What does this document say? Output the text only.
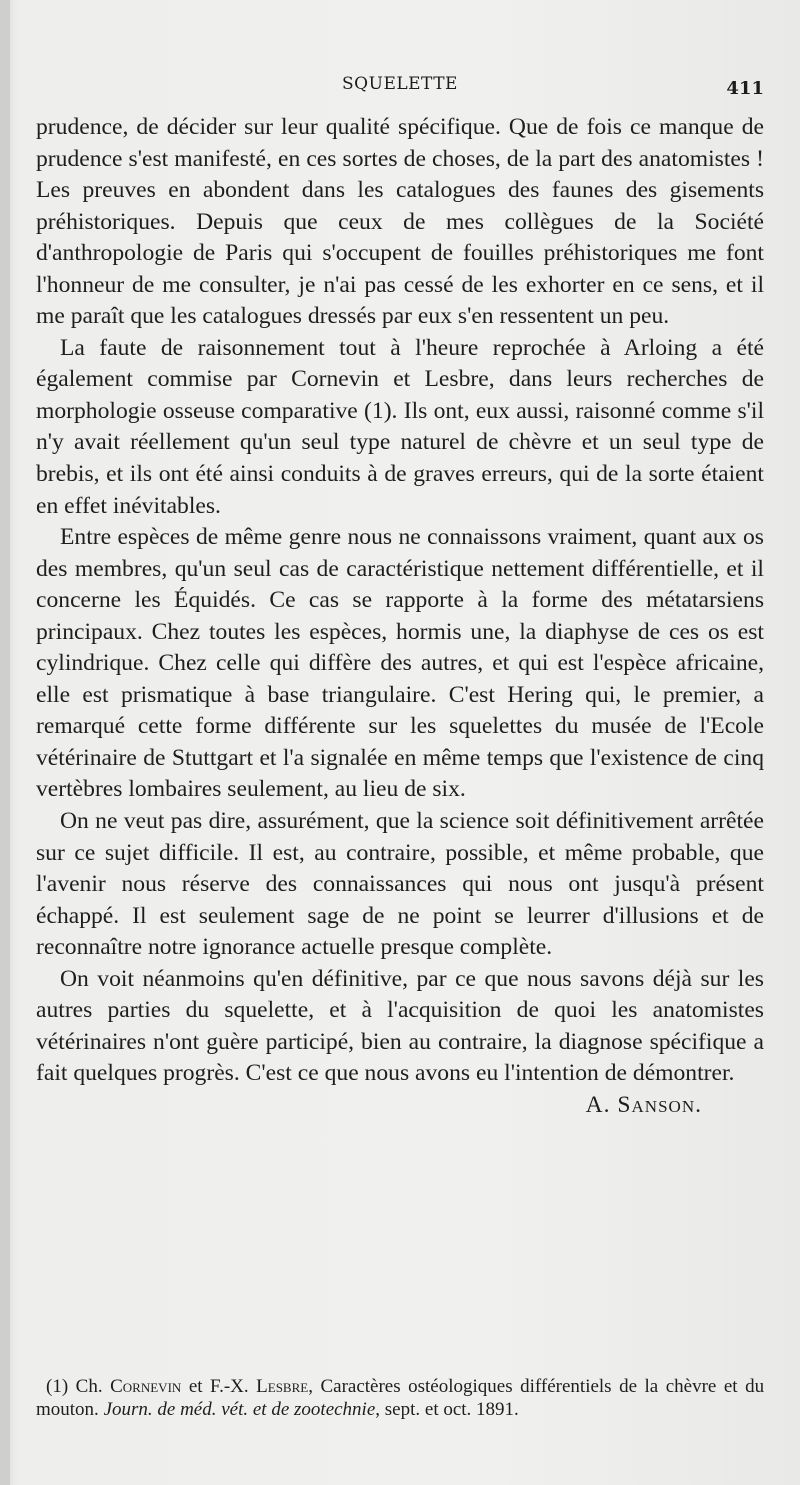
SQUELETTE	411

prudence, de décider sur leur qualité spécifique. Que de fois ce manque de prudence s'est manifesté, en ces sortes de choses, de la part des anatomistes ! Les preuves en abondent dans les catalogues des faunes des gisements préhistoriques. Depuis que ceux de mes collègues de la Société d'anthropologie de Paris qui s'occupent de fouilles préhistoriques me font l'honneur de me consulter, je n'ai pas cessé de les exhorter en ce sens, et il me paraît que les catalogues dressés par eux s'en ressentent un peu.

La faute de raisonnement tout à l'heure reprochée à Arloing a été également commise par Cornevin et Lesbre, dans leurs recherches de morphologie osseuse comparative (1). Ils ont, eux aussi, raisonné comme s'il n'y avait réellement qu'un seul type naturel de chèvre et un seul type de brebis, et ils ont été ainsi conduits à de graves erreurs, qui de la sorte étaient en effet inévitables.

Entre espèces de même genre nous ne connaissons vraiment, quant aux os des membres, qu'un seul cas de caractéristique nettement différentielle, et il concerne les Équidés. Ce cas se rapporte à la forme des métatarsiens principaux. Chez toutes les espèces, hormis une, la diaphyse de ces os est cylindrique. Chez celle qui diffère des autres, et qui est l'espèce africaine, elle est prismatique à base triangulaire. C'est Hering qui, le premier, a remarqué cette forme différente sur les squelettes du musée de l'Ecole vétérinaire de Stuttgart et l'a signalée en même temps que l'existence de cinq vertèbres lombaires seulement, au lieu de six.

On ne veut pas dire, assurément, que la science soit définitivement arrêtée sur ce sujet difficile. Il est, au contraire, possible, et même probable, que l'avenir nous réserve des connaissances qui nous ont jusqu'à présent échappé. Il est seulement sage de ne point se leurrer d'illusions et de reconnaître notre ignorance actuelle presque complète.

On voit néanmoins qu'en définitive, par ce que nous savons déjà sur les autres parties du squelette, et à l'acquisition de quoi les anatomistes vétérinaires n'ont guère participé, bien au contraire, la diagnose spécifique a fait quelques progrès. C'est ce que nous avons eu l'intention de démontrer.

A. Sanson.

(1) Ch. Cornevin et F.-X. Lesbre, Caractères ostéologiques différentiels de la chèvre et du mouton. Journ. de méd. vét. et de zootechnie, sept. et oct. 1891.
